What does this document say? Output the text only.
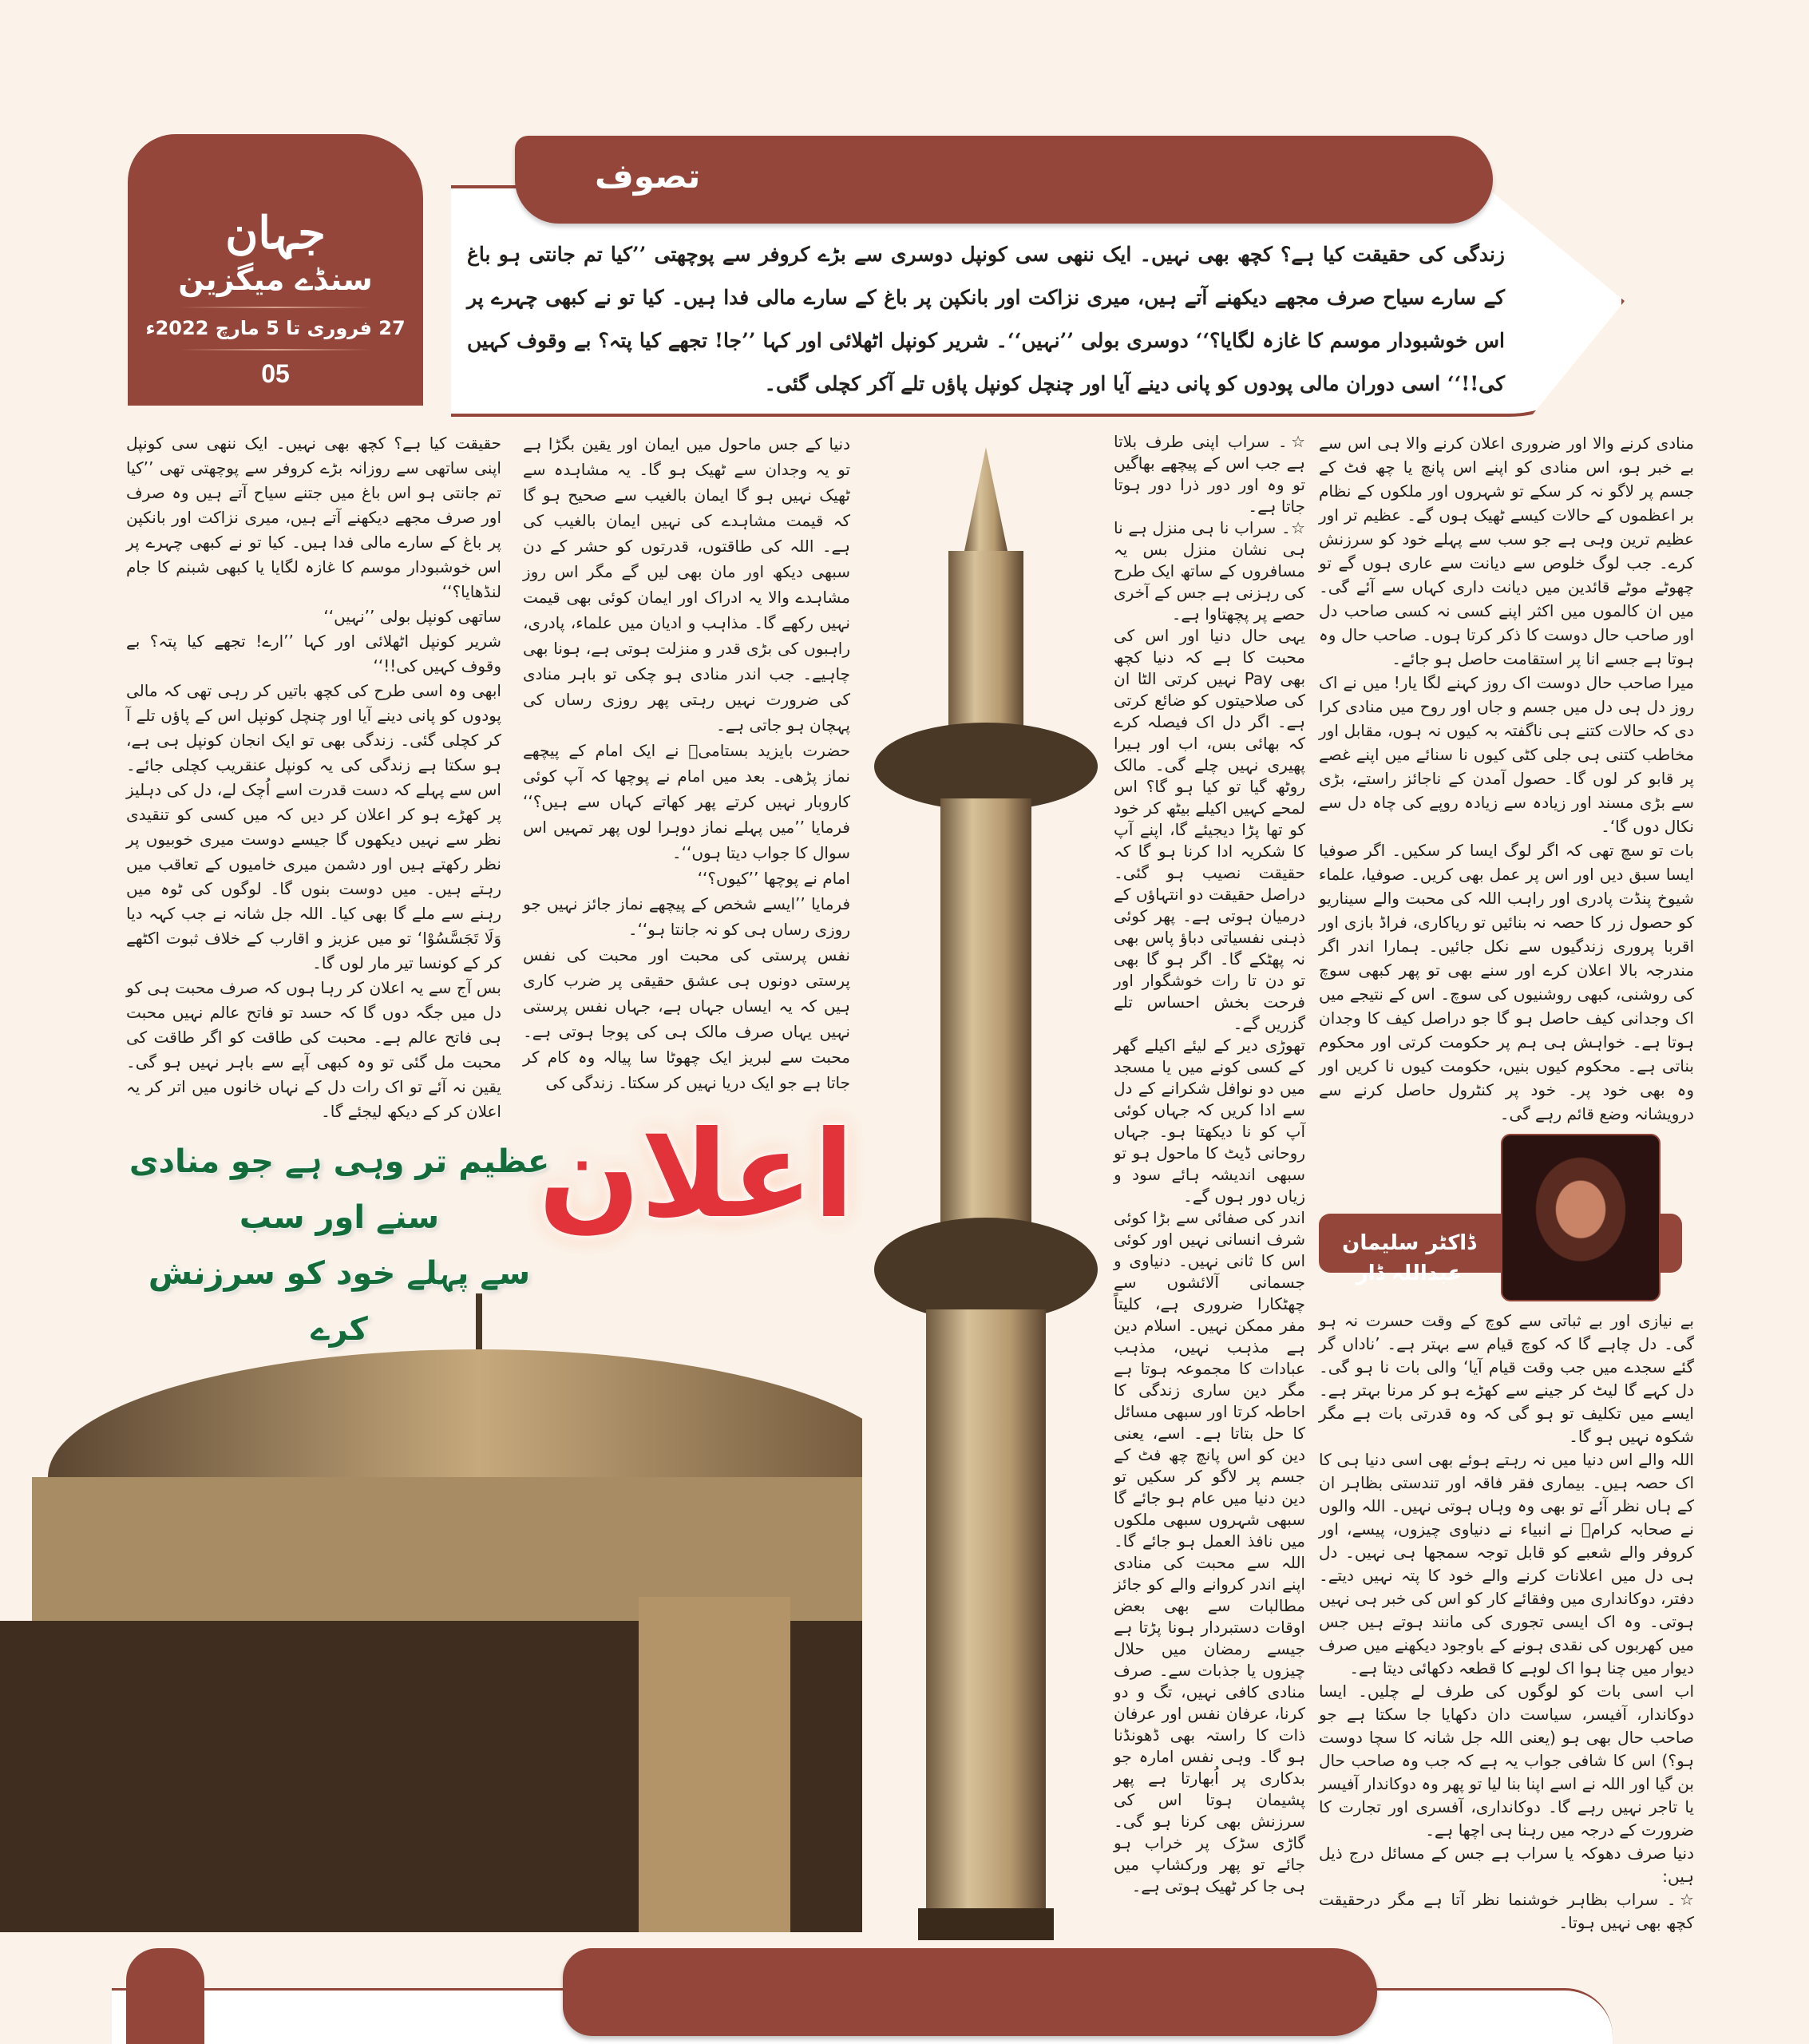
جہان
سنڈے میگزین
27 فروری تا 5 مارچ 2022ء
05
تصوف
زندگی کی حقیقت کیا ہے؟ کچھ بھی نہیں۔ ایک ننھی سی کونپل دوسری سے بڑے کروفر سے پوچھتی ’’کیا تم جانتی ہو باغ کے سارے سیاح صرف مجھے دیکھنے آتے ہیں، میری نزاکت اور بانکپن پر باغ کے سارے مالی فدا ہیں۔ کیا تو نے کبھی چہرے پر اس خوشبودار موسم کا غازہ لگایا؟‘‘ دوسری بولی ’’نہیں‘‘۔ شریر کونپل اٹھلائی اور کہا ’’جا! تجھے کیا پتہ؟ بے وقوف کہیں کی!!‘‘ اسی دوران مالی پودوں کو پانی دینے آیا اور چنچل کونپل پاؤں تلے آکر کچلی گئی۔
اعلان
عظیم تر وہی ہے جو منادی سنے اور سب
سے پہلے خود کو سرزنش کرے

منادی کرنے والا اور ضروری اعلان کرنے والا ہی اس سے بے خبر ہو، اس منادی کو اپنے اس پانچ یا چھ فٹ کے جسم پر لاگو نہ کر سکے تو شہروں اور ملکوں کے نظام بر اعظموں کے حالات کیسے ٹھیک ہوں گے۔ عظیم تر اور عظیم ترین وہی ہے جو سب سے پہلے خود کو سرزنش کرے۔ جب لوگ خلوص سے دیانت سے عاری ہوں گے تو چھوٹے موٹے قائدین میں دیانت داری کہاں سے آئے گی۔ میں ان کالموں میں اکثر اپنے کسی نہ کسی صاحب دل اور صاحب حال دوست کا ذکر کرتا ہوں۔ صاحب حال وہ ہوتا ہے جسے انا پر استقامت حاصل ہو جائے۔

میرا صاحب حال دوست اک روز کہنے لگا یار! میں نے اک روز دل ہی دل میں جسم و جاں اور روح میں منادی کرا دی کہ حالات کتنے ہی ناگفتہ بہ کیوں نہ ہوں، مقابل اور مخاطب کتنی ہی جلی کٹی کیوں نا سنائے میں اپنے غصے پر قابو کر لوں گا۔ حصول آمدن کے ناجائز راستے، بڑی سے بڑی مسند اور زیادہ سے زیادہ روپے کی چاہ دل سے نکال دوں گا‘۔

بات تو سچ تھی کہ اگر لوگ ایسا کر سکیں۔ اگر صوفیا ایسا سبق دیں اور اس پر عمل بھی کریں۔ صوفیا، علماء شیوخ پنڈت پادری اور راہب اللہ کی محبت والے سیناریو کو حصول زر کا حصہ نہ بنائیں تو ریاکاری، فراڈ بازی اور اقربا پروری زندگیوں سے نکل جائیں۔ ہمارا اندر اگر مندرجہ بالا اعلان کرے اور سنے بھی تو پھر کبھی سوچ کی روشنی، کبھی روشنیوں کی سوچ۔ اس کے نتیجے میں اک وجدانی کیف حاصل ہو گا جو دراصل کیف کا وجدان ہوتا ہے۔ خواہش ہی ہم پر حکومت کرتی اور محکوم بناتی ہے۔ محکوم کیوں بنیں، حکومت کیوں نا کریں اور وہ بھی خود پر۔ خود پر کنٹرول حاصل کرنے سے درویشانہ وضع قائم رہے گی۔

ڈاکٹر سلیمان عبداللہ ڈار

بے نیازی اور بے ثباتی سے کوچ کے وقت حسرت نہ ہو گی۔ دل چاہے گا کہ کوچ قیام سے بہتر ہے۔ ’ناداں گر گئے سجدے میں جب وقت قیام آیا‘ والی بات نا ہو گی۔ دل کہے گا لیٹ کر جینے سے کھڑے ہو کر مرنا بہتر ہے۔ ایسے میں تکلیف تو ہو گی کہ وہ قدرتی بات ہے مگر شکوہ نہیں ہو گا۔

اللہ والے اس دنیا میں نہ رہتے ہوئے بھی اسی دنیا ہی کا اک حصہ ہیں۔ بیماری فقر فاقہ اور تندستی بظاہر ان کے ہاں نظر آئے تو بھی وہ وہاں ہوتی نہیں۔ اللہ والوں نے صحابہ کرامؓ نے انبیاء نے دنیاوی چیزوں، پیسے، اور کروفر والے شعبے کو قابل توجہ سمجھا ہی نہیں۔ دل ہی دل میں اعلانات کرنے والے خود کا پتہ نہیں دیتے۔ دفتر، دوکانداری میں وفقائے کار کو اس کی خبر ہی نہیں ہوتی۔ وہ اک ایسی تجوری کی مانند ہوتے ہیں جس میں کھربوں کی نقدی ہونے کے باوجود دیکھنے میں صرف دیوار میں چنا ہوا اک لوہے کا قطعہ دکھائی دیتا ہے۔

اب اسی بات کو لوگوں کی طرف لے چلیں۔ ایسا دوکاندار، آفیسر، سیاست دان دکھایا جا سکتا ہے جو صاحب حال بھی ہو (یعنی اللہ جل شانہ کا سچا دوست ہو؟) اس کا شافی جواب یہ ہے کہ جب وہ صاحب حال بن گیا اور اللہ نے اسے اپنا بنا لیا تو پھر وہ دوکاندار آفیسر یا تاجر نہیں رہے گا۔ دوکانداری، آفسری اور تجارت کا ضرورت کے درجہ میں رہنا ہی اچھا ہے۔

دنیا صرف دھوکہ یا سراب ہے جس کے مسائل درج ذیل ہیں:

☆۔ سراب بظاہر خوشنما نظر آتا ہے مگر درحقیقت کچھ بھی نہیں ہوتا۔

☆۔ سراب اپنی طرف بلاتا ہے جب اس کے پیچھے بھاگیں تو وہ اور دور ذرا دور ہوتا جاتا ہے۔

☆۔ سراب نا ہی منزل ہے نا ہی نشان منزل بس یہ مسافروں کے ساتھ ایک طرح کی رہزنی ہے جس کے آخری حصے پر پچھتاوا ہے۔

یہی حال دنیا اور اس کی محبت کا ہے کہ دنیا کچھ بھی Pay نہیں کرتی الٹا ان کی صلاحیتوں کو ضائع کرتی ہے۔ اگر دل اک فیصلہ کرے کہ بھائی بس، اب اور ہیرا پھیری نہیں چلے گی۔ مالک روٹھ گیا تو کیا ہو گا؟ اس لمحے کہیں اکیلے بیٹھ کر خود کو تھا پڑا دیجیئے گا، اپنے آپ کا شکریہ ادا کرنا ہو گا کہ حقیقت نصیب ہو گئی۔ دراصل حقیقت دو انتہاؤں کے درمیان ہوتی ہے۔ پھر کوئی ذہنی نفسیاتی دباؤ پاس بھی نہ پھٹکے گا۔ اگر ہو گا بھی تو دن تا رات خوشگوار اور فرحت بخش احساس تلے گزریں گے۔

تھوڑی دیر کے لیئے اکیلے گھر کے کسی کونے میں یا مسجد میں دو نوافل شکرانے کے دل سے ادا کریں کہ جہاں کوئی آپ کو نا دیکھتا ہو۔ جہاں روحانی ڈیٹ کا ماحول ہو تو سبھی اندیشہ ہائے سود و زیاں دور ہوں گے۔

اندر کی صفائی سے بڑا کوئی شرف انسانی نہیں اور کوئی اس کا ثانی نہیں۔ دنیاوی و جسمانی آلائشوں سے چھٹکارا ضروری ہے، کلیتاً مفر ممکن نہیں۔ اسلام دین ہے مذہب نہیں، مذہب عبادات کا مجموعہ ہوتا ہے مگر دین ساری زندگی کا احاطہ کرتا اور سبھی مسائل کا حل بتاتا ہے۔ اسے، یعنی دین کو اس پانچ چھ فٹ کے جسم پر لاگو کر سکیں تو دین دنیا میں عام ہو جائے گا سبھی شہروں سبھی ملکوں میں نافذ العمل ہو جائے گا۔ اللہ سے محبت کی منادی اپنے اندر کروانے والے کو جائز مطالبات سے بھی بعض اوقات دستبردار ہونا پڑتا ہے جیسے رمضان میں حلال چیزوں یا جذبات سے۔ صرف منادی کافی نہیں، تگ و دو کرنا، عرفان نفس اور عرفان ذات کا راستہ بھی ڈھونڈنا ہو گا۔ وہی نفس امارہ جو بدکاری پر اُبھارتا ہے پھر پشیمان ہوتا اس کی سرزنش بھی کرنا ہو گی۔ گاڑی سڑک پر خراب ہو جائے تو پھر ورکشاپ میں ہی جا کر ٹھیک ہوتی ہے۔

دنیا کے جس ماحول میں ایمان اور یقین بگڑا ہے تو یہ وجدان سے ٹھیک ہو گا۔ یہ مشاہدہ سے ٹھیک نہیں ہو گا ایمان بالغیب سے صحیح ہو گا کہ قیمت مشاہدے کی نہیں ایمان بالغیب کی ہے۔ اللہ کی طاقتوں، قدرتوں کو حشر کے دن سبھی دیکھ اور مان بھی لیں گے مگر اس روز مشاہدے والا یہ ادراک اور ایمان کوئی بھی قیمت نہیں رکھے گا۔ مذاہب و ادیان میں علماء، پادری، راہبوں کی بڑی قدر و منزلت ہوتی ہے، ہونا بھی چاہیے۔ جب اندر منادی ہو چکی تو باہر منادی کی ضرورت نہیں رہتی پھر روزی رساں کی پہچان ہو جاتی ہے۔

حضرت بایزید بستامیؒ نے ایک امام کے پیچھے نماز پڑھی۔ بعد میں امام نے پوچھا کہ آپ کوئی کاروبار نہیں کرتے پھر کھاتے کہاں سے ہیں؟‘‘ فرمایا ’’میں پہلے نماز دوہرا لوں پھر تمہیں اس سوال کا جواب دیتا ہوں‘‘۔

امام نے پوچھا ’’کیوں؟‘‘

فرمایا ’’ایسے شخص کے پیچھے نماز جائز نہیں جو روزی رساں ہی کو نہ جانتا ہو‘‘۔

نفس پرستی کی محبت اور محبت کی نفس پرستی دونوں ہی عشق حقیقی پر ضرب کاری ہیں کہ یہ ایساں جہاں ہے، جہاں نفس پرستی نہیں یہاں صرف مالک ہی کی پوجا ہوتی ہے۔ محبت سے لبریز ایک چھوٹا سا پیالہ وہ کام کر جاتا ہے جو ایک دریا نہیں کر سکتا۔ زندگی کی

حقیقت کیا ہے؟ کچھ بھی نہیں۔ ایک ننھی سی کونپل اپنی ساتھی سے روزانہ بڑے کروفر سے پوچھتی تھی ’’کیا تم جانتی ہو اس باغ میں جتنے سیاح آتے ہیں وہ صرف اور صرف مجھے دیکھنے آتے ہیں، میری نزاکت اور بانکپن پر باغ کے سارے مالی فدا ہیں۔ کیا تو نے کبھی چہرے پر اس خوشبودار موسم کا غازہ لگایا یا کبھی شبنم کا جام لنڈھایا؟‘‘

ساتھی کونپل بولی ’’نہیں‘‘

شریر کونپل اٹھلائی اور کہا ’’ارے! تجھے کیا پتہ؟ بے وقوف کہیں کی!!‘‘

ابھی وہ اسی طرح کی کچھ باتیں کر رہی تھی کہ مالی پودوں کو پانی دینے آیا اور چنچل کونپل اس کے پاؤں تلے آ کر کچلی گئی۔ زندگی بھی تو ایک انجان کونپل ہی ہے، ہو سکتا ہے زندگی کی یہ کونپل عنقریب کچلی جائے۔ اس سے پہلے کہ دست قدرت اسے اُچک لے، دل کی دہلیز پر کھڑے ہو کر اعلان کر دیں کہ میں کسی کو تنقیدی نظر سے نہیں دیکھوں گا جیسے دوست میری خوبیوں پر نظر رکھتے ہیں اور دشمن میری خامیوں کے تعاقب میں رہتے ہیں۔ میں دوست بنوں گا۔ لوگوں کی ٹوہ میں رہنے سے ملے گا بھی کیا۔ اللہ جل شانہ نے جب کہہ دیا وَلَا تَجَسَّسُوْا‘ تو میں عزیز و اقارب کے خلاف ثبوت اکٹھے کر کے کونسا تیر مار لوں گا۔

بس آج سے یہ اعلان کر رہا ہوں کہ صرف محبت ہی کو دل میں جگہ دوں گا کہ حسد تو فاتح عالم نہیں محبت ہی فاتح عالم ہے۔ محبت کی طاقت کو اگر طاقت کی محبت مل گئی تو وہ کبھی آپے سے باہر نہیں ہو گی۔ یقین نہ آئے تو اک رات دل کے نہاں خانوں میں اتر کر یہ اعلان کر کے دیکھ لیجئے گا۔
